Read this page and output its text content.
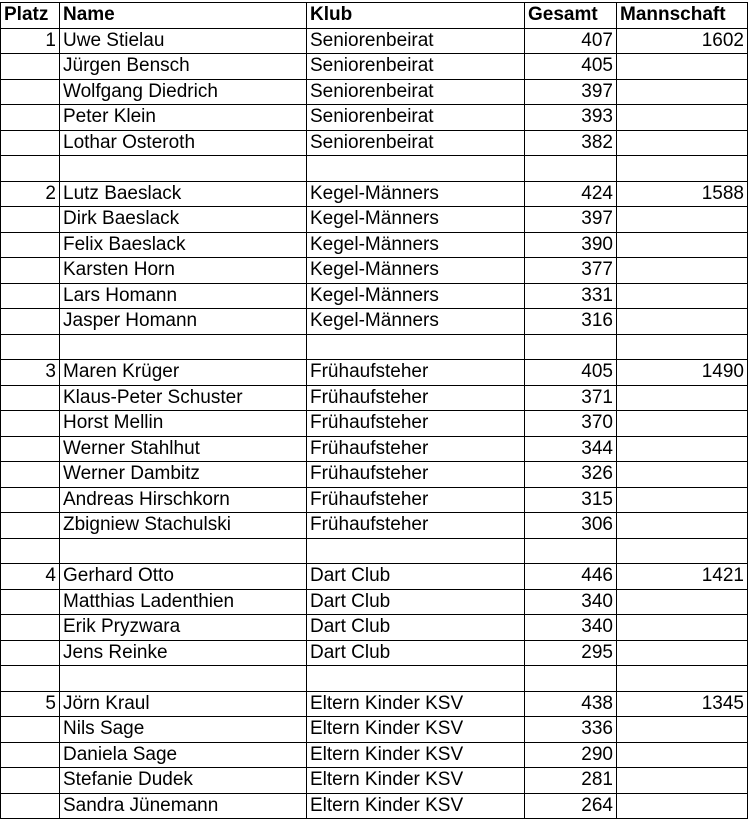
Platz	Name	Klub	Gesamt	Mannschaft
1	Uwe Stielau	Seniorenbeirat	407	1602
	Jürgen Bensch	Seniorenbeirat	405	
	Wolfgang Diedrich	Seniorenbeirat	397	
	Peter Klein	Seniorenbeirat	393	
	Lothar Osteroth	Seniorenbeirat	382	

2	Lutz Baeslack	Kegel-Männers	424	1588
	Dirk Baeslack	Kegel-Männers	397	
	Felix Baeslack	Kegel-Männers	390	
	Karsten Horn	Kegel-Männers	377	
	Lars Homann	Kegel-Männers	331	
	Jasper Homann	Kegel-Männers	316	

3	Maren Krüger	Frühaufsteher	405	1490
	Klaus-Peter Schuster	Frühaufsteher	371	
	Horst Mellin	Frühaufsteher	370	
	Werner Stahlhut	Frühaufsteher	344	
	Werner Dambitz	Frühaufsteher	326	
	Andreas Hirschkorn	Frühaufsteher	315	
	Zbigniew Stachulski	Frühaufsteher	306	

4	Gerhard Otto	Dart Club	446	1421
	Matthias Ladenthien	Dart Club	340	
	Erik Pryzwara	Dart Club	340	
	Jens Reinke	Dart Club	295	

5	Jörn Kraul	Eltern Kinder KSV	438	1345
	Nils Sage	Eltern Kinder KSV	336	
	Daniela Sage	Eltern Kinder KSV	290	
	Stefanie Dudek	Eltern Kinder KSV	281	
	Sandra Jünemann	Eltern Kinder KSV	264	
